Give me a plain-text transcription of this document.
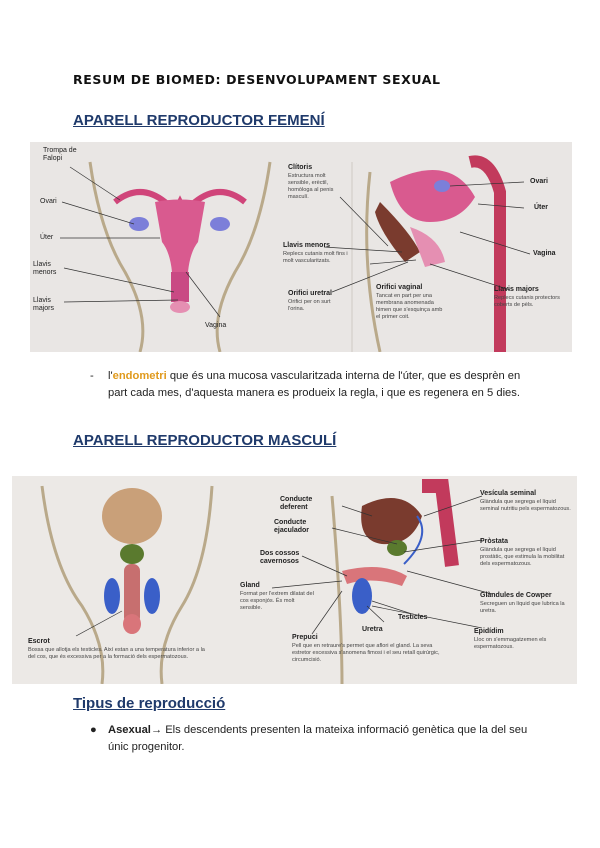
RESUM DE BIOMED: DESENVOLUPAMENT SEXUAL
APARELL REPRODUCTOR FEMENÍ
Trompa de Falopi
Ovari
Úter
Llavis menors
Llavis majors
Vagina
Clítoris
Estructura molt sensible, erèctil, homòloga al penis masculí.
Llavis menors
Replecs cutanis molt fins i molt vascularitzats.
Orifici uretral
Orifici per on surt l'orina.
Orifici vaginal
Tancat en part per una membrana anomenada himen que s'esquinça amb el primer coit.
Ovari
Úter
Vagina
Llavis majors
Replecs cutanis protectors coberts de pèls.
- l'endometri que és una mucosa vascularitzada interna de l'úter, que es desprèn en part cada mes, d'aquesta manera es produeix la regla, i que es regenera en 5 dies.
APARELL REPRODUCTOR MASCULÍ
Conducte deferent
Conducte ejaculador
Dos cossos cavernosos
Gland
Format per l'extrem dilatat del cos esponjós. És molt sensible.
Escrot
Bossa que allotja els testicles. Així estan a una temperatura inferior a la del cos, que és excessiva per a la formació dels espermatozous.
Prepuci
Pell que en retraure's permet que aflori el gland. La seva estretor excessiva s'anomena fimosi i el seu retall quirúrgic, circumcisió.
Uretra
Testicles
Vesícula seminal
Glàndula que segrega el líquid seminal nutritiu pels espermatozous.
Pròstata
Glàndula que segrega el líquid prostàtic, que estimula la mobilitat dels espermatozous.
Glàndules de Cowper
Secreguen un líquid que lubrica la uretra.
Epidídim
Lloc on s'emmagatzemen els espermatozous.
Tipus de reproducció
● Asexual→ Els descendents presenten la mateixa informació genètica que la del seu únic progenitor.
